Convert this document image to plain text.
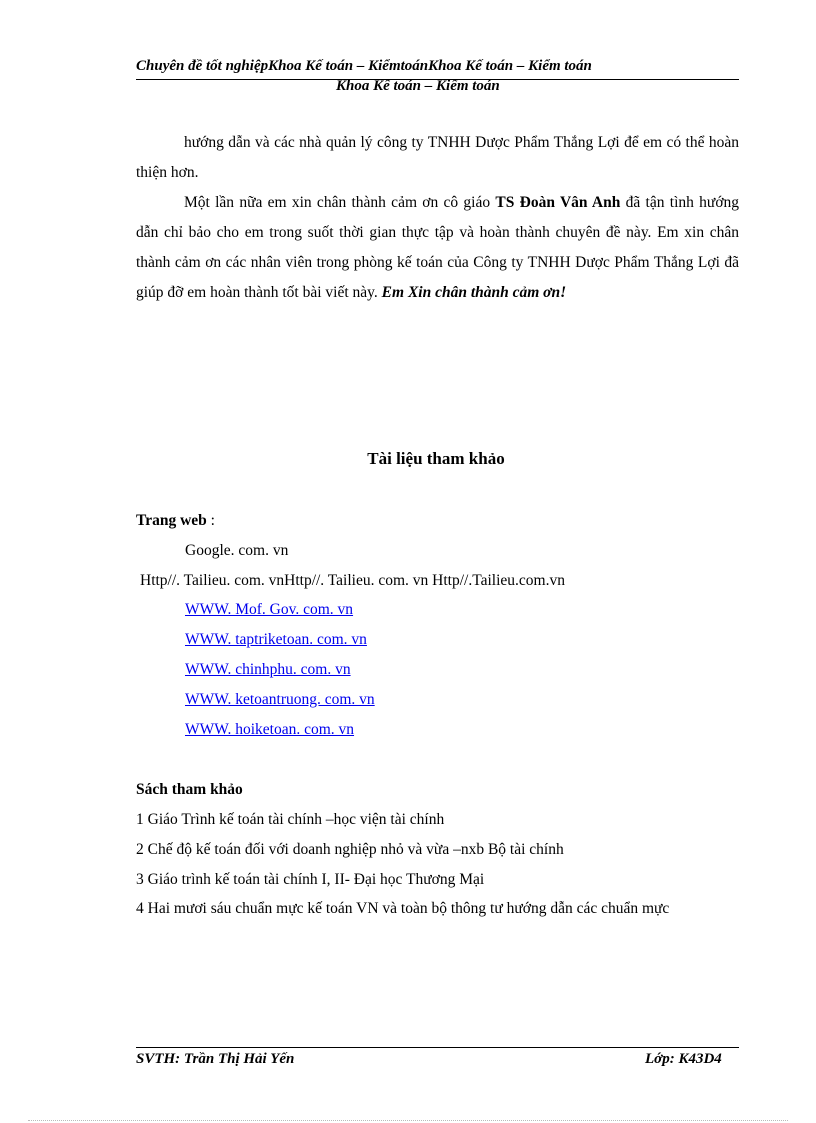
Chuyên đề tốt nghiệpKhoa Kế toán – KiểmtoánKhoa Kế toán – Kiểm toán
Khoa Kế toán – Kiểm toán
hướng dẫn và các nhà quản lý công ty TNHH Dược Phẩm Thắng Lợi để em có thể hoàn thiện hơn.
Một lần nữa em xin chân thành cảm ơn cô giáo TS Đoàn Vân Anh đã tận tình hướng dẫn chỉ bảo cho em trong suốt thời gian thực tập và hoàn thành chuyên đề này. Em xin chân thành cảm ơn các nhân viên trong phòng kế toán của Công ty TNHH Dược Phẩm Thắng Lợi đã giúp đỡ em hoàn thành tốt bài viết này. Em Xin chân thành cảm ơn!
Tài liệu tham khảo
Trang web :
Google. com. vn
Http//. Tailieu. com. vnHttp//. Tailieu. com. vn Http//.Tailieu.com.vn
WWW. Mof. Gov. com. vn
WWW. taptriketoan. com. vn
WWW. chinhphu. com. vn
WWW. ketoantruong. com. vn
WWW. hoiketoan. com. vn
Sách tham khảo
1 Giáo Trình kế toán tài chính –học viện tài chính
2 Chế độ kế toán đối với doanh nghiệp nhỏ và vừa –nxb Bộ tài chính
3 Giáo trình kế toán tài chính I, II- Đại học Thương Mại
4 Hai mươi sáu chuẩn mực kế toán VN và toàn bộ thông tư hướng dẫn các chuẩn mực
SVTH: Trần Thị Hải Yến	Lớp: K43D4
